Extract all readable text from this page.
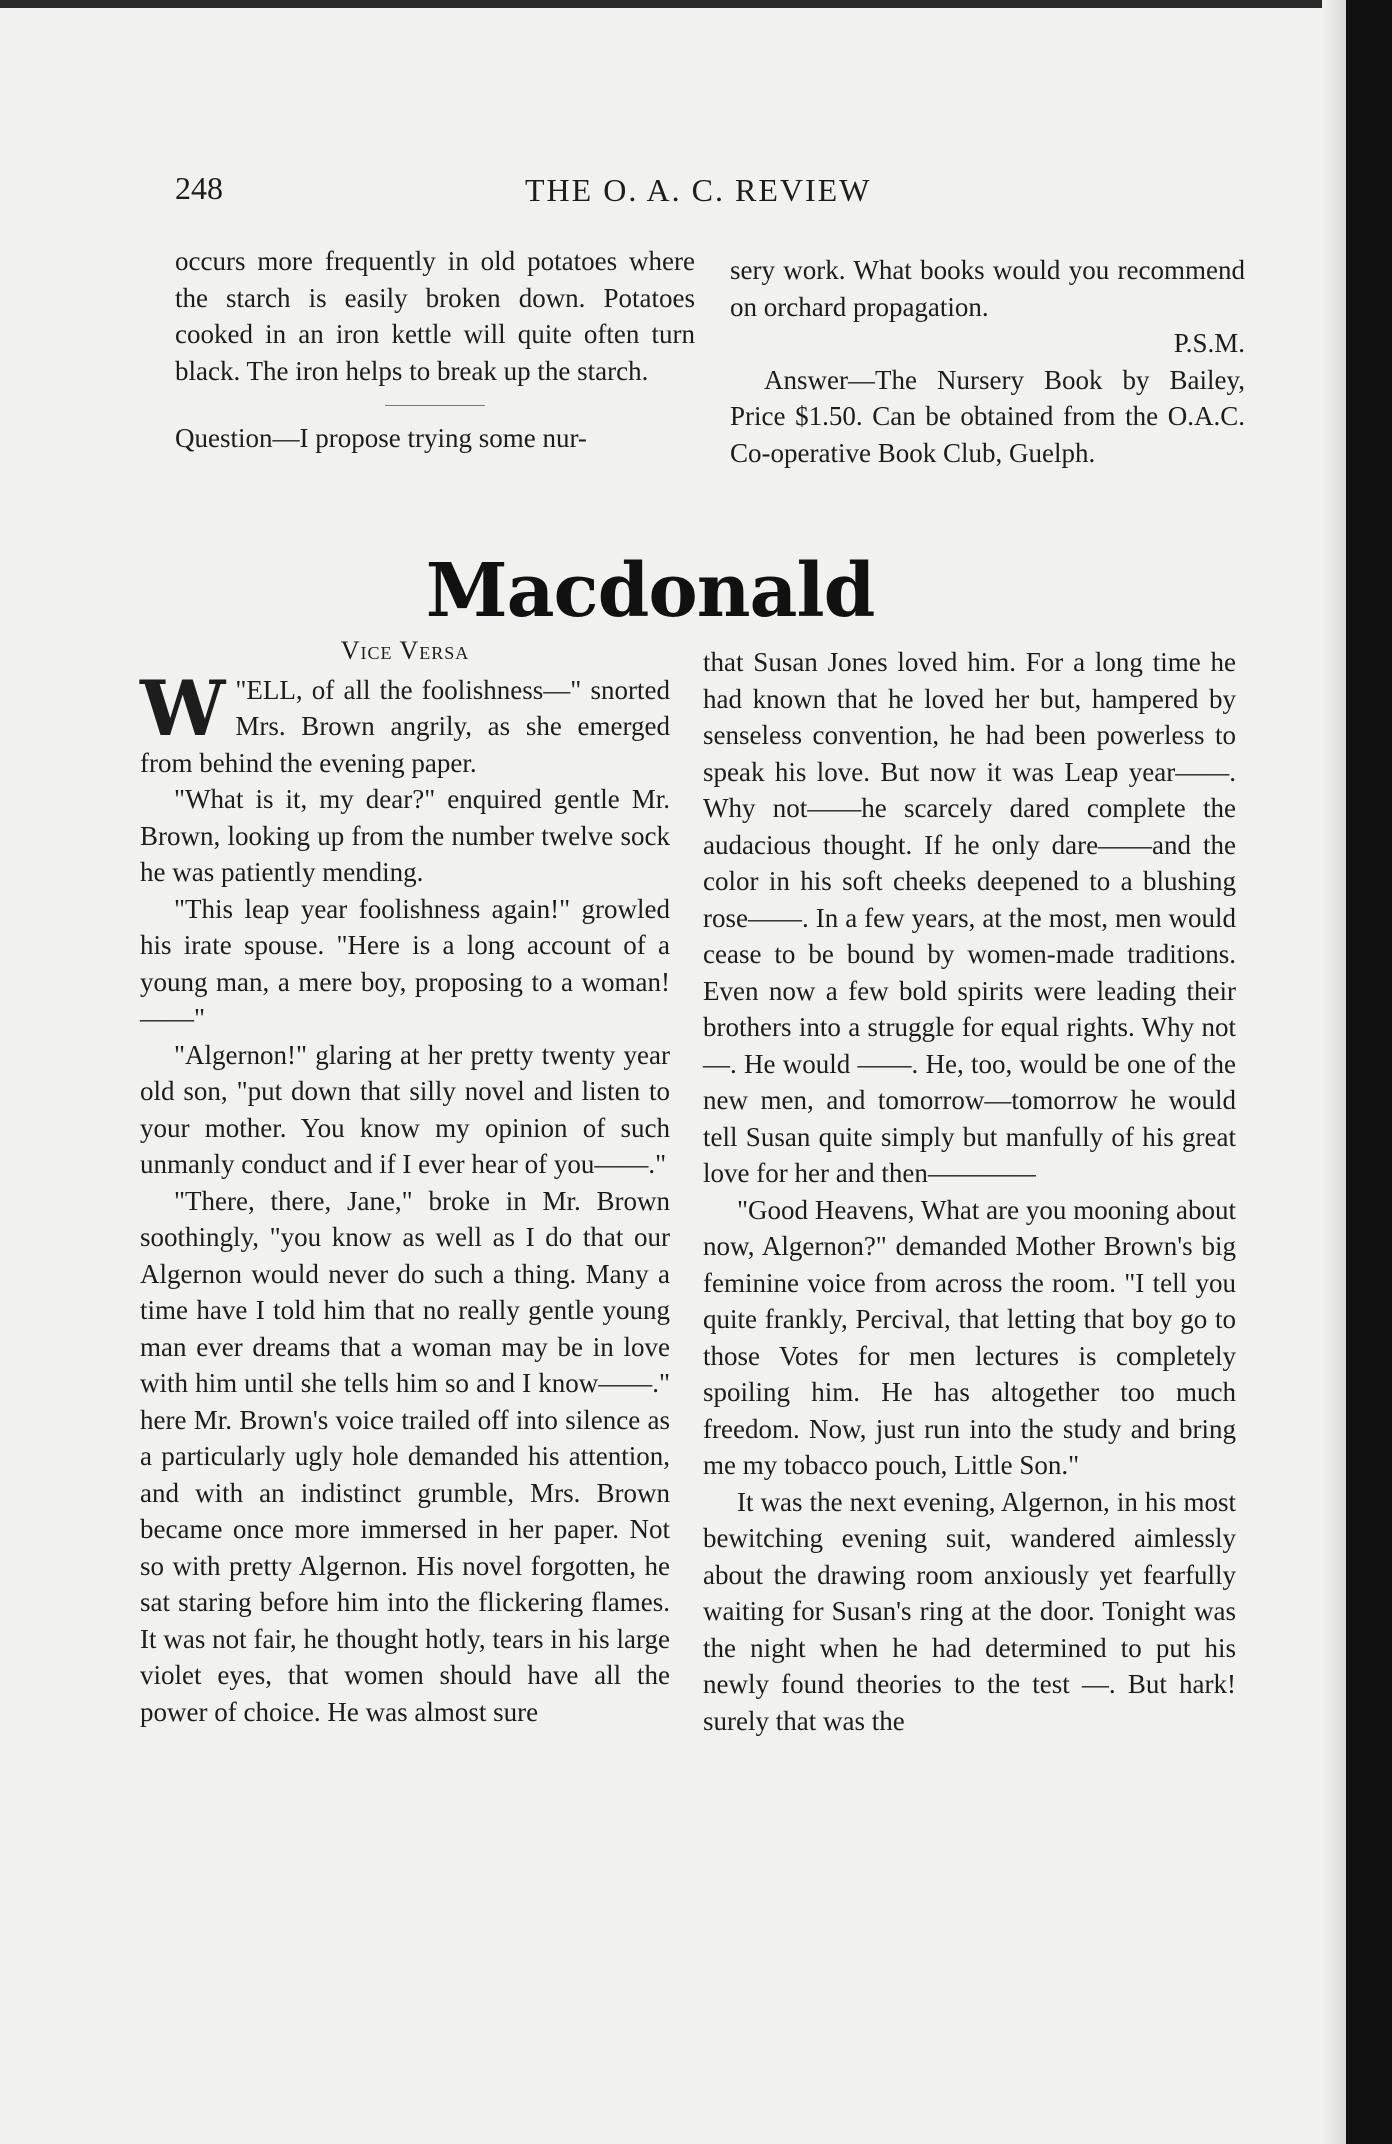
248	THE O. A. C. REVIEW

occurs more frequently in old potatoes where the starch is easily broken down. Potatoes cooked in an iron kettle will quite often turn black. The iron helps to break up the starch.

Question—I propose trying some nur-

sery work. What books would you recommend on orchard propagation.

P.S.M.

Answer—The Nursery Book by Bailey, Price $1.50. Can be obtained from the O.A.C. Co-operative Book Club, Guelph.

Macdonald
Vice Versa
W "ELL, of all the foolishness—" snorted Mrs. Brown angrily, as she emerged from behind the evening paper.

"What is it, my dear?" enquired gentle Mr. Brown, looking up from the number twelve sock he was patiently mending.

"This leap year foolishness again!" growled his irate spouse. "Here is a long account of a young man, a mere boy, proposing to a woman!——"

"Algernon!" glaring at her pretty twenty year old son, "put down that silly novel and listen to your mother. You know my opinion of such unmanly conduct and if I ever hear of you——."

"There, there, Jane," broke in Mr. Brown soothingly, "you know as well as I do that our Algernon would never do such a thing. Many a time have I told him that no really gentle young man ever dreams that a woman may be in love with him until she tells him so and I know——." here Mr. Brown's voice trailed off into silence as a particularly ugly hole demanded his attention, and with an indistinct grumble, Mrs. Brown became once more immersed in her paper. Not so with pretty Algernon. His novel forgotten, he sat staring before him into the flickering flames. It was not fair, he thought hotly, tears in his large violet eyes, that women should have all the power of choice. He was almost sure

that Susan Jones loved him. For a long time he had known that he loved her but, hampered by senseless convention, he had been powerless to speak his love. But now it was Leap year——. Why not——he scarcely dared complete the audacious thought. If he only dare——and the color in his soft cheeks deepened to a blushing rose——. In a few years, at the most, men would cease to be bound by women-made traditions. Even now a few bold spirits were leading their brothers into a struggle for equal rights. Why not—. He would ——. He, too, would be one of the new men, and tomorrow—tomorrow he would tell Susan quite simply but manfully of his great love for her and then————

"Good Heavens, What are you mooning about now, Algernon?" demanded Mother Brown's big feminine voice from across the room. "I tell you quite frankly, Percival, that letting that boy go to those Votes for men lectures is completely spoiling him. He has altogether too much freedom. Now, just run into the study and bring me my tobacco pouch, Little Son."

It was the next evening, Algernon, in his most bewitching evening suit, wandered aimlessly about the drawing room anxiously yet fearfully waiting for Susan's ring at the door. Tonight was the night when he had determined to put his newly found theories to the test —. But hark! surely that was the
